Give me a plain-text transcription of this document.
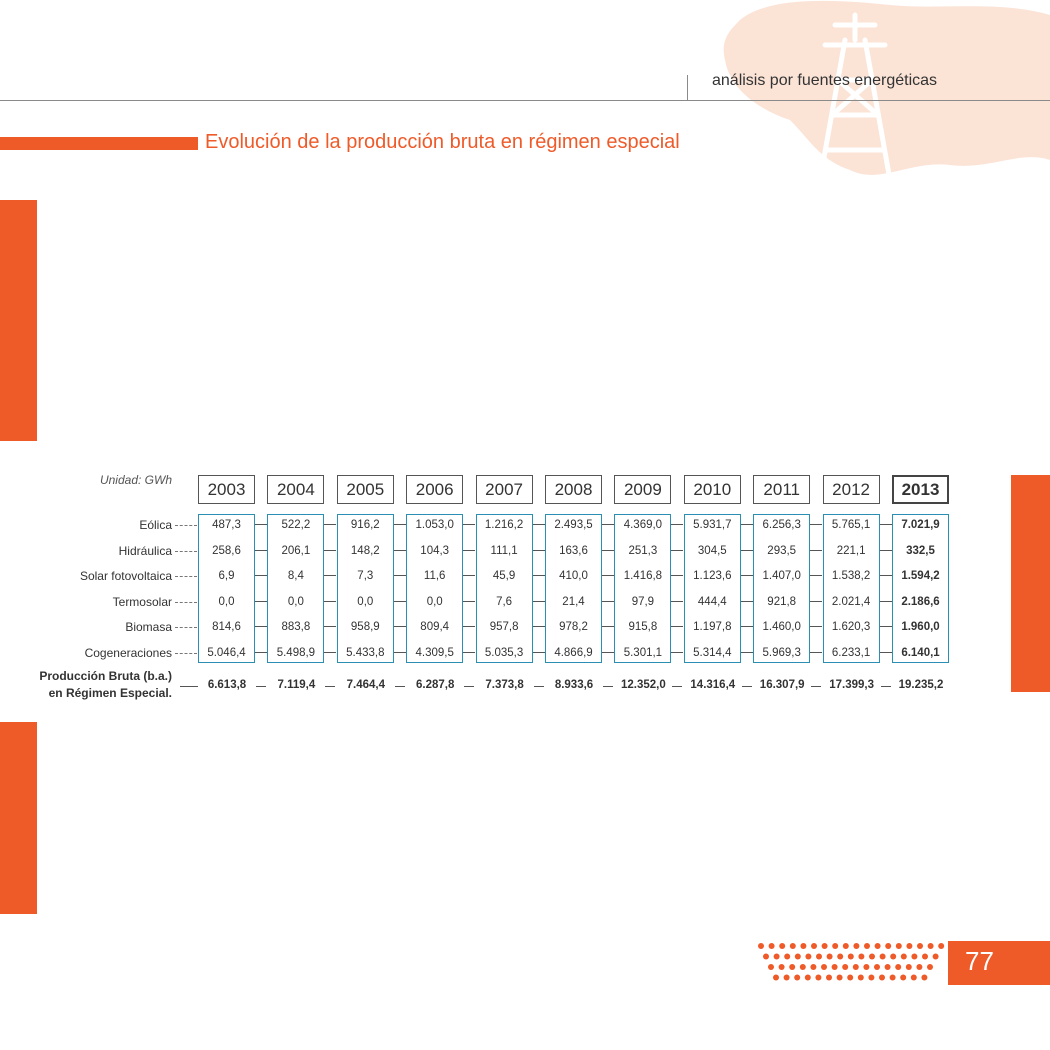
análisis por fuentes energéticas
Evolución de la producción bruta en régimen especial
Unidad: GWh
Producción Bruta (b.a.)
en Régimen Especial.
77
2003
487,3
258,6
6,9
0,0
814,6
5.046,4
6.613,8
2004
522,2
206,1
8,4
0,0
883,8
5.498,9
7.119,4
2005
916,2
148,2
7,3
0,0
958,9
5.433,8
7.464,4
2006
1.053,0
104,3
11,6
0,0
809,4
4.309,5
6.287,8
2007
1.216,2
111,1
45,9
7,6
957,8
5.035,3
7.373,8
2008
2.493,5
163,6
410,0
21,4
978,2
4.866,9
8.933,6
2009
4.369,0
251,3
1.416,8
97,9
915,8
5.301,1
12.352,0
2010
5.931,7
304,5
1.123,6
444,4
1.197,8
5.314,4
14.316,4
2011
6.256,3
293,5
1.407,0
921,8
1.460,0
5.969,3
16.307,9
2012
5.765,1
221,1
1.538,2
2.021,4
1.620,3
6.233,1
17.399,3
2013
7.021,9
332,5
1.594,2
2.186,6
1.960,0
6.140,1
19.235,2
Eólica
Hidráulica
Solar fotovoltaica
Termosolar
Biomasa
Cogeneraciones
